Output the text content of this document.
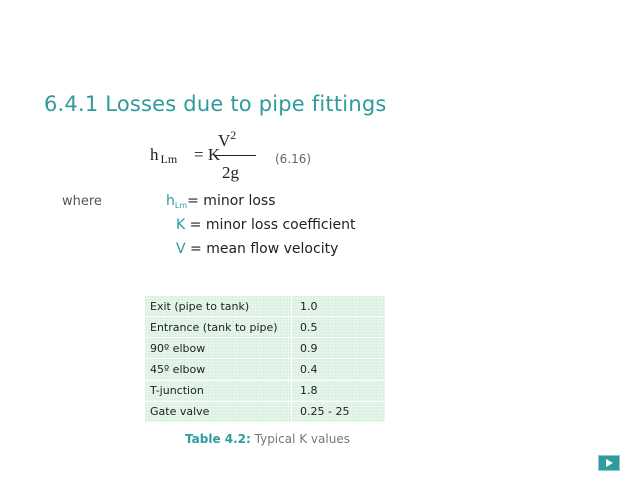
6.4.1 Losses due to pipe fittings
h $_{Lm}$ = K
$V^2$
2g
(6.16)
where	$h_{Lm}=$ minor loss
K = minor loss coefficient
V = mean flow velocity
Exit (pipe to tank)	1.0
Entrance (tank to pipe)	0.5
90º elbow	0.9
45º elbow	0.4
T-junction	1.8
Gate valve	0.25 - 25
Table 4.2: Typical K values
